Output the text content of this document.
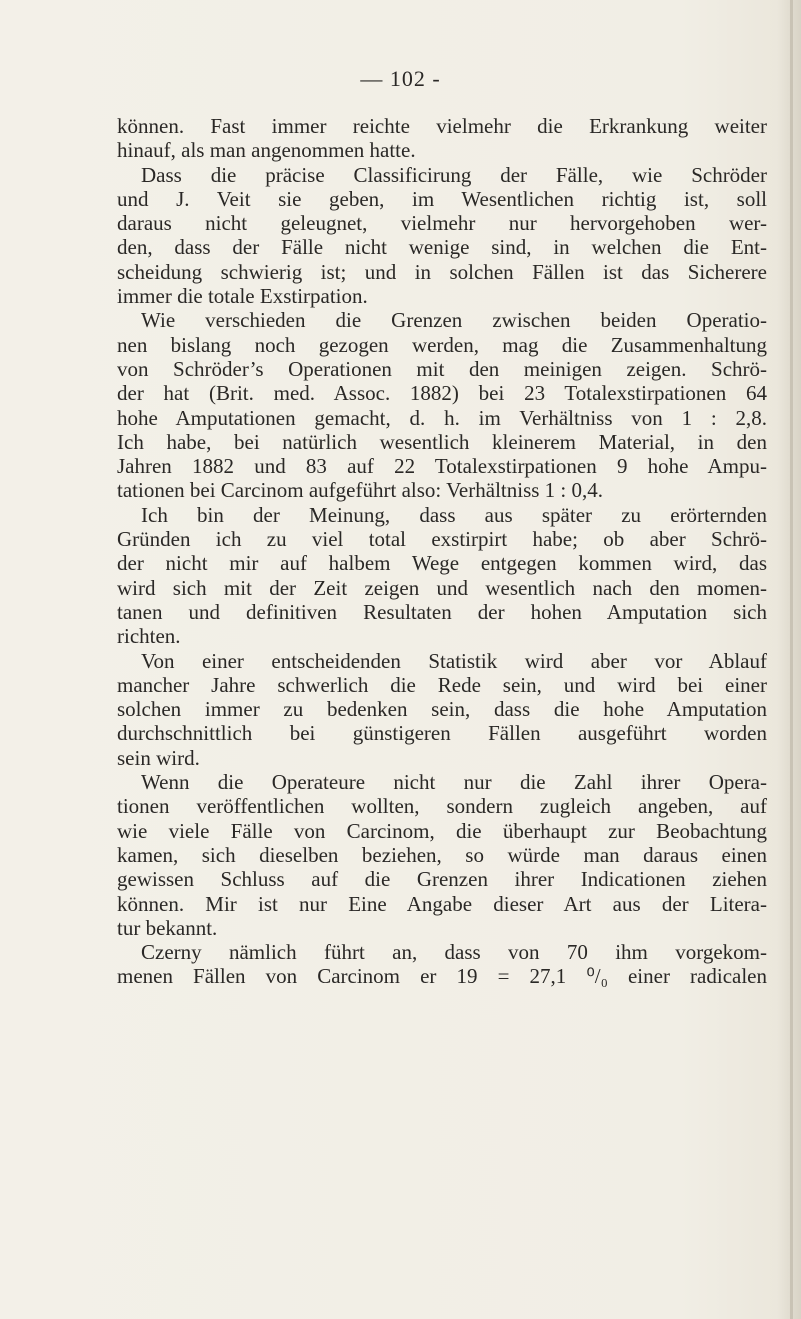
— 102 -
können. Fast immer reichte vielmehr die Erkrankung weiter
hinauf, als man angenommen hatte.
Dass die präcise Classificirung der Fälle, wie Schröder
und J. Veit sie geben, im Wesentlichen richtig ist, soll
daraus nicht geleugnet, vielmehr nur hervorgehoben wer-
den, dass der Fälle nicht wenige sind, in welchen die Ent-
scheidung schwierig ist; und in solchen Fällen ist das Sicherere
immer die totale Exstirpation.
Wie verschieden die Grenzen zwischen beiden Operatio-
nen bislang noch gezogen werden, mag die Zusammenhaltung
von Schröder’s Operationen mit den meinigen zeigen. Schrö-
der hat (Brit. med. Assoc. 1882) bei 23 Totalexstirpationen 64
hohe Amputationen gemacht, d. h. im Verhältniss von 1 : 2,8.
Ich habe, bei natürlich wesentlich kleinerem Material, in den
Jahren 1882 und 83 auf 22 Totalexstirpationen 9 hohe Ampu-
tationen bei Carcinom aufgeführt also: Verhältniss 1 : 0,4.
Ich bin der Meinung, dass aus später zu erörternden
Gründen ich zu viel total exstirpirt habe; ob aber Schrö-
der nicht mir auf halbem Wege entgegen kommen wird, das
wird sich mit der Zeit zeigen und wesentlich nach den momen-
tanen und definitiven Resultaten der hohen Amputation sich
richten.
Von einer entscheidenden Statistik wird aber vor Ablauf
mancher Jahre schwerlich die Rede sein, und wird bei einer
solchen immer zu bedenken sein, dass die hohe Amputation
durchschnittlich bei günstigeren Fällen ausgeführt worden
sein wird.
Wenn die Operateure nicht nur die Zahl ihrer Opera-
tionen veröffentlichen wollten, sondern zugleich angeben, auf
wie viele Fälle von Carcinom, die überhaupt zur Beobachtung
kamen, sich dieselben beziehen, so würde man daraus einen
gewissen Schluss auf die Grenzen ihrer Indicationen ziehen
können. Mir ist nur Eine Angabe dieser Art aus der Litera-
tur bekannt.
Czerny nämlich führt an, dass von 70 ihm vorgekom-
menen Fällen von Carcinom er 19 = 27,1 ⁰/₀ einer radicalen
